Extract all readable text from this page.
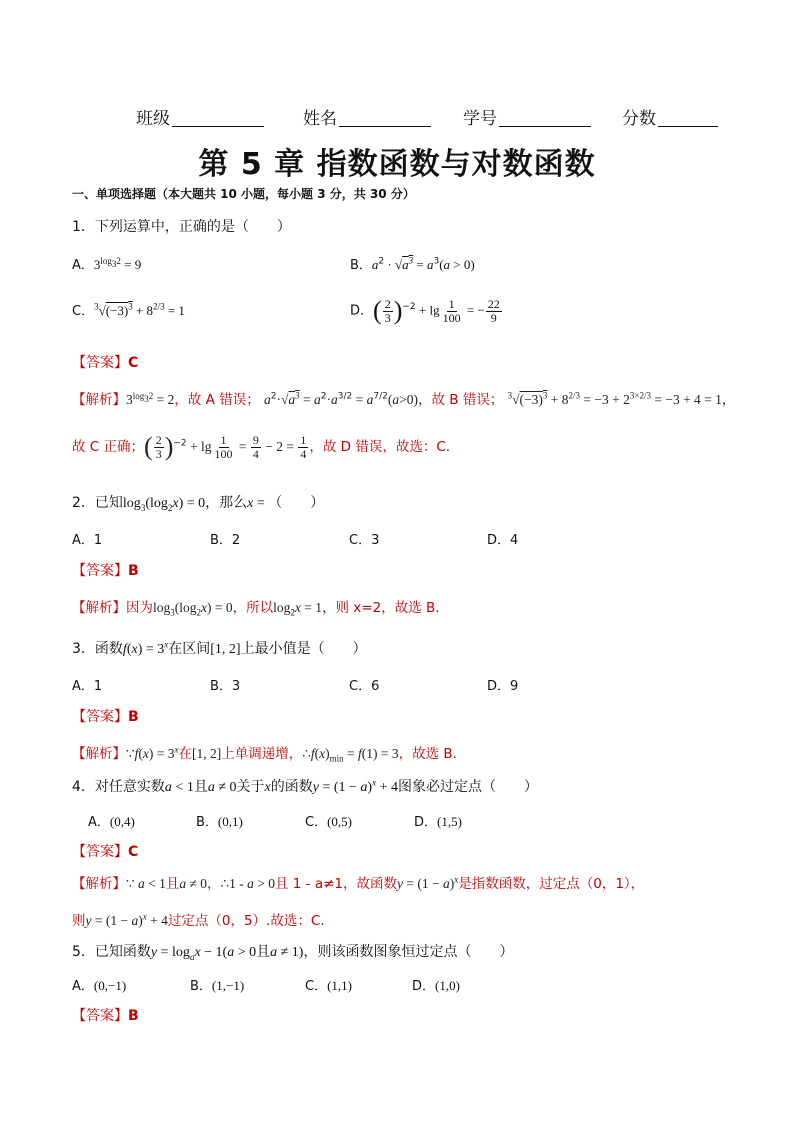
班级	姓名	学号	分数
第 5 章 指数函数与对数函数
一、单项选择题（本大题共 10 小题，每小题 3 分，共 30 分）
1．下列运算中，正确的是（　　）
A．$3^{log_32} = 9$	B．$a^2 \cdot √a^3 = a^3(a > 0)$
C．$^3√(-3)^3 + 8^{2/3} = 1$	D．( $\frac{2}{3} )^{-2} + \lg \frac{1}{100}$ = − $\frac{22}{9}$
【答案】C
【解析】$3^{log_32} = 2$，故 A 错误； $a^2\cdot√a^3 = a^2\cdot a^{3/2} = a^{7/2}(a>0)$，故 B 错误； $^3√(-3)^3 + 8^{2/3} = -3 + 2^{3\times 2/3} = -3 + 4 = 1$，
故 C 正确；( $\frac{2}{3} )^{-2} + \lg \frac{1}{100} = \frac{9}{4} - 2 = \frac{1}{4}$ ，故 D 错误，故选：C.
2．已知$\log_3(\log_2x) = 0$，那么x = （　　）
A．1	B．2	C．3	D．4
【答案】B
【解析】因为$\log_3(\log_2x) = 0$，所以$\log_2x = 1$，则 x=2，故选 B.
3．函数$f(x) = 3^x$在区间[1, 2]上最小值是（　　）
A．1	B．3	C．6	D．9
【答案】B
【解析】∵f(x) = $3^x$在[1, 2]上单调递增，$\therefore f(x)_{min} = f(1) = 3$，故选 B.
4．对任意实数a < 1且a ≠ 0关于x的函数$y = (1 - a)^x + 4$图象必过定点（　　）
A．(0,4)	B．(0,1)	C．(0,5)	D．(1,5)
【答案】C
【解析】∵ a < 1且a ≠ 0，∴1 - a > 0且 1 - a≠1，故函数$y = (1 - a)^x$是指数函数，过定点（0，1），
则$y = (1 - a)^x + 4$过定点（0，5）.故选：C.
5．已知函数$y = \log_ax - 1(a > 0$且a ≠ 1)，则该函数图象恒过定点（　　）
A．(0,−1)	B．(1,−1)	C．(1,1)	D．(1,0)
【答案】B
